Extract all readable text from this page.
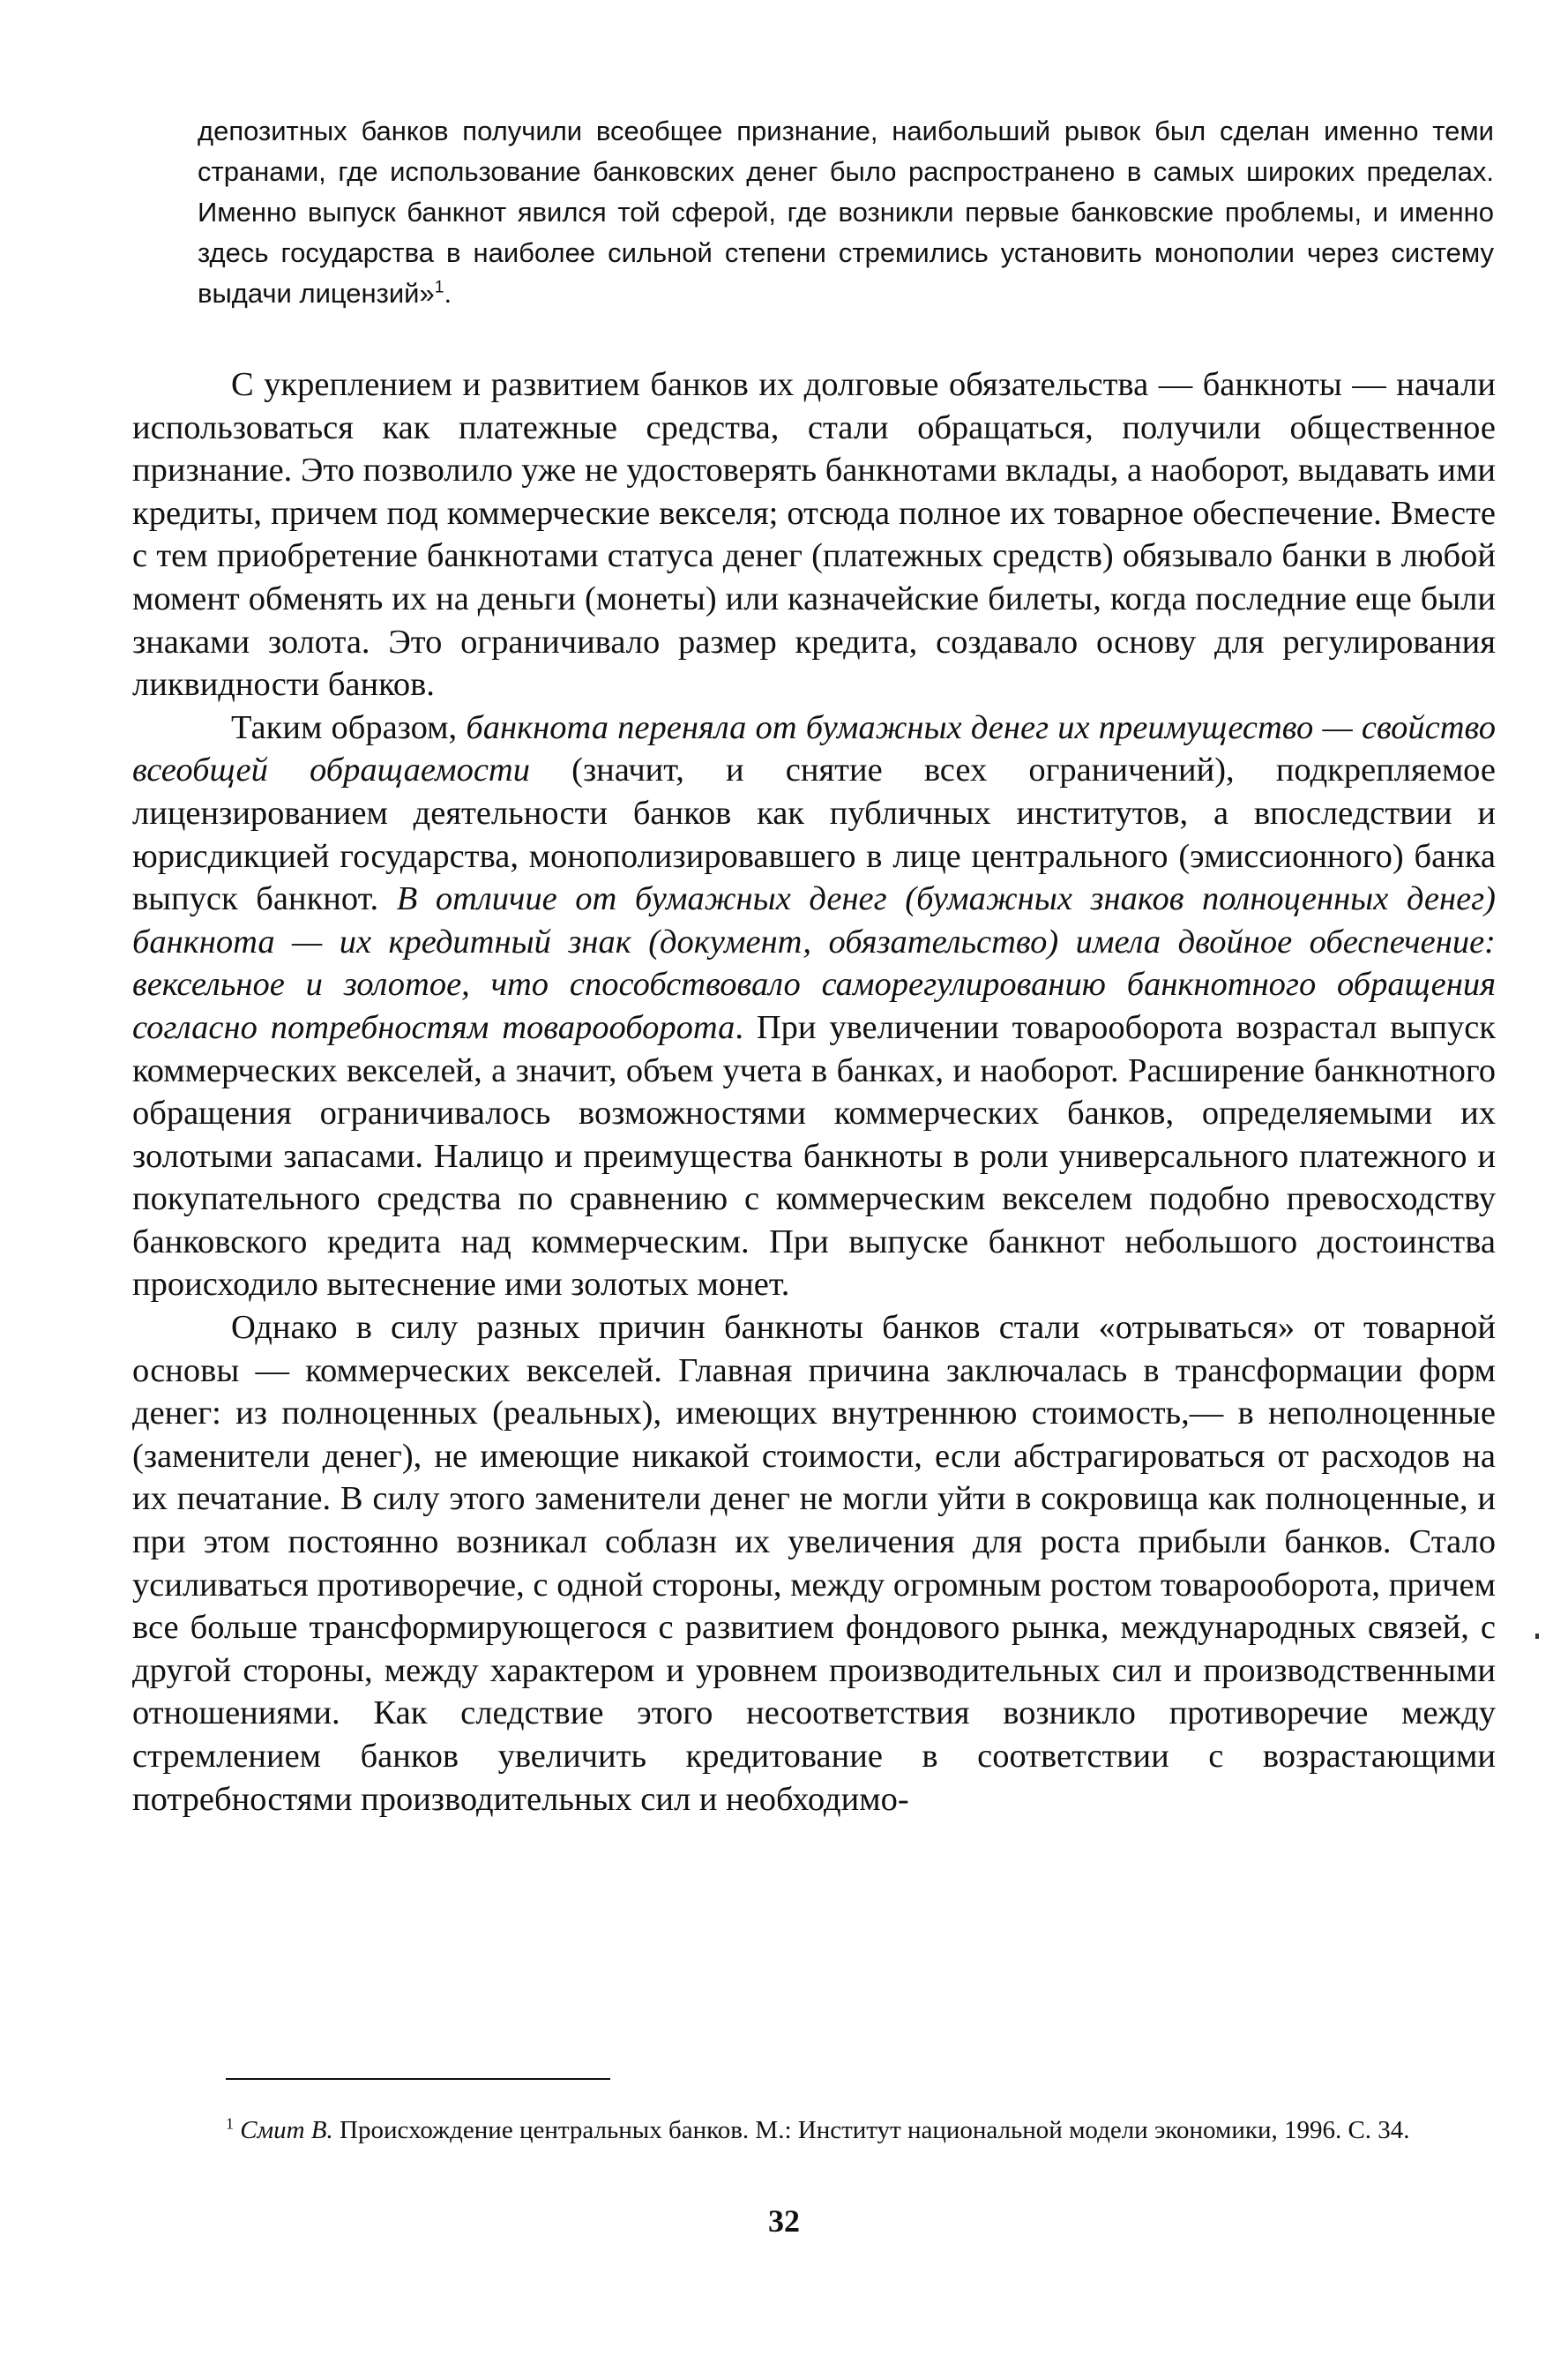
депозитных банков получили всеобщее признание, наибольший рывок был сделан именно теми странами, где использование банковских денег было распространено в самых широких пределах. Именно выпуск банкнот явился той сферой, где возникли первые банковские проблемы, и именно здесь государства в наиболее сильной степени стремились установить монополии через систему выдачи лицензий»$^1$.

С укреплением и развитием банков их долговые обязательства — банкноты — начали использоваться как платежные средства, стали обращаться, получили общественное признание. Это позволило уже не удостоверять банкнотами вклады, а наоборот, выдавать ими кредиты, причем под коммерческие векселя; отсюда полное их товарное обеспечение. Вместе с тем приобретение банкнотами статуса денег (платежных средств) обязывало банки в любой момент обменять их на деньги (монеты) или казначейские билеты, когда последние еще были знаками золота. Это ограничивало размер кредита, создавало основу для регулирования ликвидности банков.

Таким образом, банкнота переняла от бумажных денег их преимущество — свойство всеобщей обращаемости (значит, и снятие всех ограничений), подкрепляемое лицензированием деятельности банков как публичных институтов, а впоследствии и юрисдикцией государства, монополизировавшего в лице центрального (эмиссионного) банка выпуск банкнот. В отличие от бумажных денег (бумажных знаков полноценных денег) банкнота — их кредитный знак (документ, обязательство) имела двойное обеспечение: вексельное и золотое, что способствовало саморегулированию банкнотного обращения согласно потребностям товарооборота. При увеличении товарооборота возрастал выпуск коммерческих векселей, а значит, объем учета в банках, и наоборот. Расширение банкнотного обращения ограничивалось возможностями коммерческих банков, определяемыми их золотыми запасами. Налицо и преимущества банкноты в роли универсального платежного и покупательного средства по сравнению с коммерческим векселем подобно превосходству банковского кредита над коммерческим. При выпуске банкнот небольшого достоинства происходило вытеснение ими золотых монет.

Однако в силу разных причин банкноты банков стали «отрываться» от товарной основы — коммерческих векселей. Главная причина заключалась в трансформации форм денег: из полноценных (реальных), имеющих внутреннюю стоимость,— в неполноценные (заменители денег), не имеющие никакой стоимости, если абстрагироваться от расходов на их печатание. В силу этого заменители денег не могли уйти в сокровища как полноценные, и при этом постоянно возникал соблазн их увеличения для роста прибыли банков. Стало усиливаться противоречие, с одной стороны, между огромным ростом товарооборота, причем все больше трансформирующегося с развитием фондового рынка, международных связей, с другой стороны, между характером и уровнем производительных сил и производственными отношениями. Как следствие этого несоответствия возникло противоречие между стремлением банков увеличить кредитование в соответствии с возрастающими потребностями производительных сил и необходимо-

$^1$ Смит В. Происхождение центральных банков. М.: Институт национальной модели экономики, 1996. С. 34.
32
